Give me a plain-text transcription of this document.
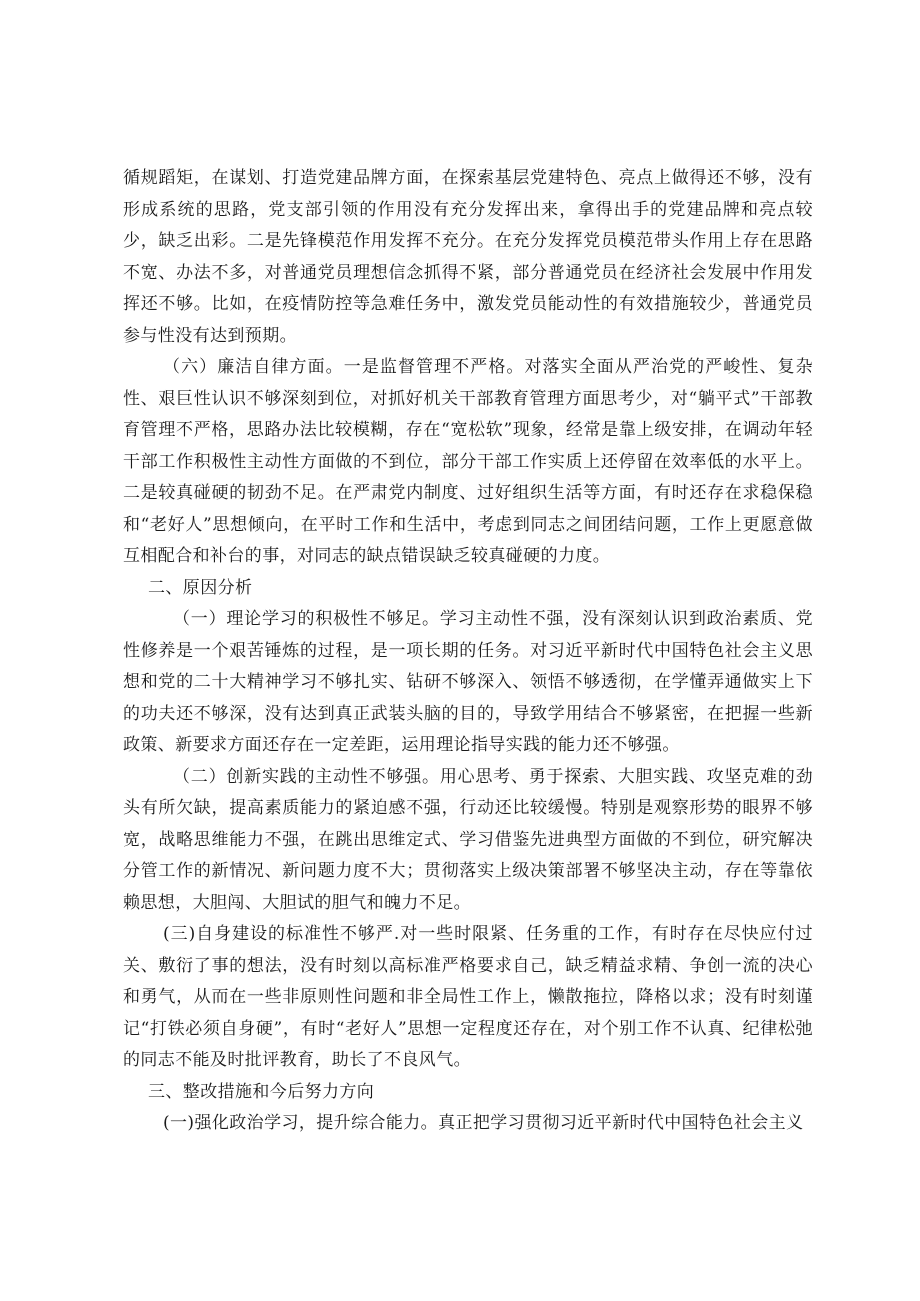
循规蹈矩，在谋划、打造党建品牌方面，在探索基层党建特色、亮点上做得还不够，没有形成系统的思路，党支部引领的作用没有充分发挥出来，拿得出手的党建品牌和亮点较少，缺乏出彩。二是先锋模范作用发挥不充分。在充分发挥党员模范带头作用上存在思路不宽、办法不多，对普通党员理想信念抓得不紧，部分普通党员在经济社会发展中作用发挥还不够。比如，在疫情防控等急难任务中，激发党员能动性的有效措施较少，普通党员参与性没有达到预期。

（六）廉洁自律方面。一是监督管理不严格。对落实全面从严治党的严峻性、复杂性、艰巨性认识不够深刻到位，对抓好机关干部教育管理方面思考少，对“躺平式”干部教育管理不严格，思路办法比较模糊，存在“宽松软”现象，经常是靠上级安排，在调动年轻干部工作积极性主动性方面做的不到位，部分干部工作实质上还停留在效率低的水平上。二是较真碰硬的韧劲不足。在严肃党内制度、过好组织生活等方面，有时还存在求稳保稳和“老好人”思想倾向，在平时工作和生活中，考虑到同志之间团结问题，工作上更愿意做互相配合和补台的事，对同志的缺点错误缺乏较真碰硬的力度。

二、原因分析

（一）理论学习的积极性不够足。学习主动性不强，没有深刻认识到政治素质、党性修养是一个艰苦锤炼的过程，是一项长期的任务。对习近平新时代中国特色社会主义思想和党的二十大精神学习不够扎实、钻研不够深入、领悟不够透彻，在学懂弄通做实上下的功夫还不够深，没有达到真正武装头脑的目的，导致学用结合不够紧密，在把握一些新政策、新要求方面还存在一定差距，运用理论指导实践的能力还不够强。

（二）创新实践的主动性不够强。用心思考、勇于探索、大胆实践、攻坚克难的劲头有所欠缺，提高素质能力的紧迫感不强，行动还比较缓慢。特别是观察形势的眼界不够宽，战略思维能力不强，在跳出思维定式、学习借鉴先进典型方面做的不到位，研究解决分管工作的新情况、新问题力度不大；贯彻落实上级决策部署不够坚决主动，存在等靠依赖思想，大胆闯、大胆试的胆气和魄力不足。

(三)自身建设的标准性不够严.对一些时限紧、任务重的工作，有时存在尽快应付过关、敷衍了事的想法，没有时刻以高标准严格要求自己，缺乏精益求精、争创一流的决心和勇气，从而在一些非原则性问题和非全局性工作上，懒散拖拉，降格以求；没有时刻谨记“打铁必须自身硬”，有时“老好人”思想一定程度还存在，对个别工作不认真、纪律松弛的同志不能及时批评教育，助长了不良风气。

三、整改措施和今后努力方向

(一)强化政治学习，提升综合能力。真正把学习贯彻习近平新时代中国特色社会主义
